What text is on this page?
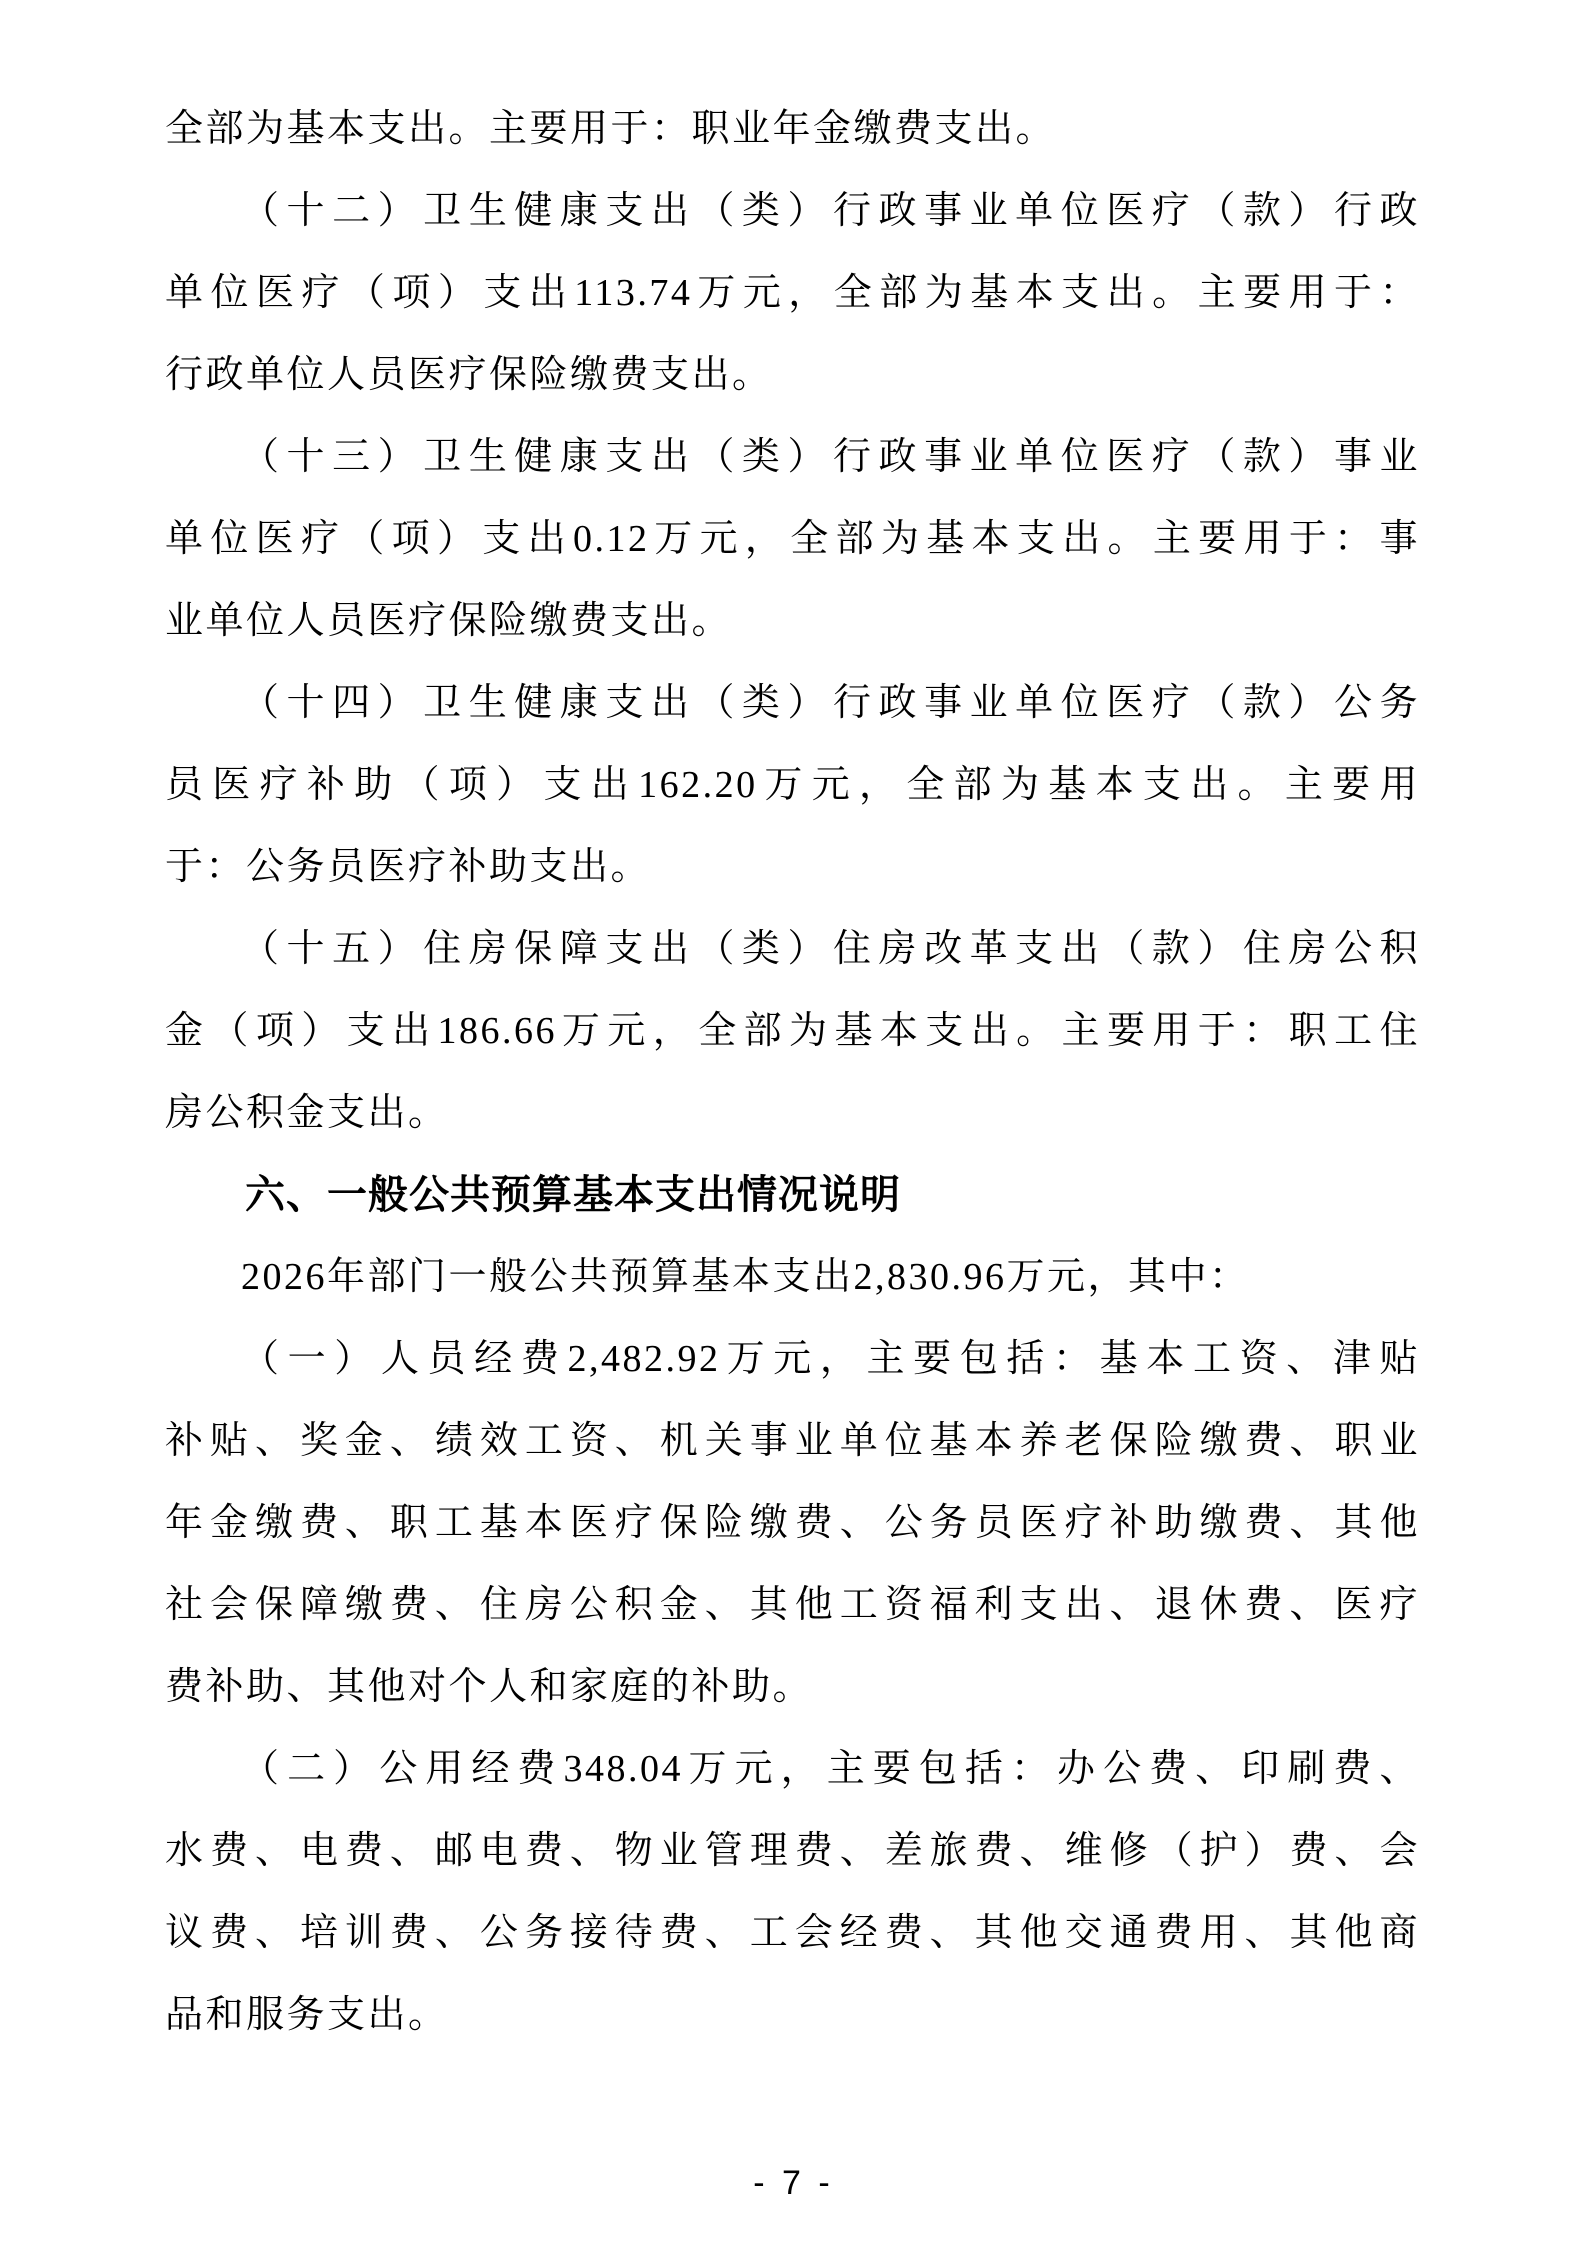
全部为基本支出。主要用于：职业年金缴费支出。
（十二）卫生健康支出（类）行政事业单位医疗（款）行政
单位医疗（项）支出113.74万元，全部为基本支出。主要用于：
行政单位人员医疗保险缴费支出。
（十三）卫生健康支出（类）行政事业单位医疗（款）事业
单位医疗（项）支出0.12万元，全部为基本支出。主要用于：事
业单位人员医疗保险缴费支出。
（十四）卫生健康支出（类）行政事业单位医疗（款）公务
员医疗补助（项）支出162.20万元，全部为基本支出。主要用
于：公务员医疗补助支出。
（十五）住房保障支出（类）住房改革支出（款）住房公积
金（项）支出186.66万元，全部为基本支出。主要用于：职工住
房公积金支出。
六、一般公共预算基本支出情况说明
2026年部门一般公共预算基本支出2,830.96万元，其中：
（一）人员经费2,482.92万元，主要包括：基本工资、津贴
补贴、奖金、绩效工资、机关事业单位基本养老保险缴费、职业
年金缴费、职工基本医疗保险缴费、公务员医疗补助缴费、其他
社会保障缴费、住房公积金、其他工资福利支出、退休费、医疗
费补助、其他对个人和家庭的补助。
（二）公用经费348.04万元，主要包括：办公费、印刷费、
水费、电费、邮电费、物业管理费、差旅费、维修（护）费、会
议费、培训费、公务接待费、工会经费、其他交通费用、其他商
品和服务支出。
- 7 -
